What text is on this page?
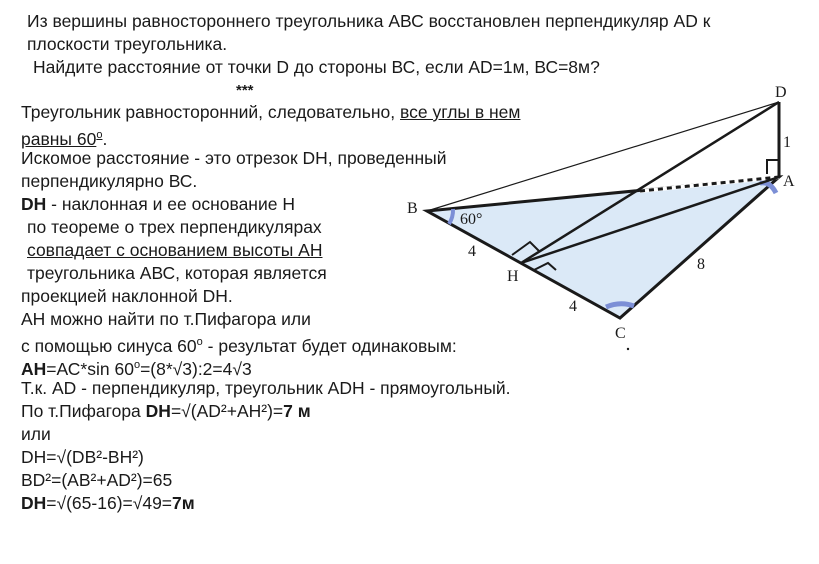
Из вершины равностороннего треугольника АВС восстановлен перпендикуляр AD к
плоскости треугольника.
Найдите расстояние от точки D до стороны ВС, если AD=1м, ВС=8м?
***
Треугольник равносторонний, следовательно, все углы в нем
равны $60^о$.
Искомое расстояние - это отрезок DH, проведенный
перпендикулярно ВС.
DH - наклонная и ее основание Н
по теореме о трех перпендикулярах
совпадает с основанием высоты АН
треугольника АВС, которая является
проекцией наклонной DH.
АН можно найти по т.Пифагора или
с помощью синуса $60^о$ - результат будет одинаковым:
АН=АС*sin $60^о=(8*√3):2=4√3$
Т.к. AD - перпендикуляр, треугольник ADH - прямоугольный.
По т.Пифагора DH=√(AD²+AH²)=7 м
или
DH=√(DB²-BH²)
BD²=(AB²+AD²)=65
DH=√(65-16)=√49=7м
D
A
B
H
C
60°
4
4
8
1
